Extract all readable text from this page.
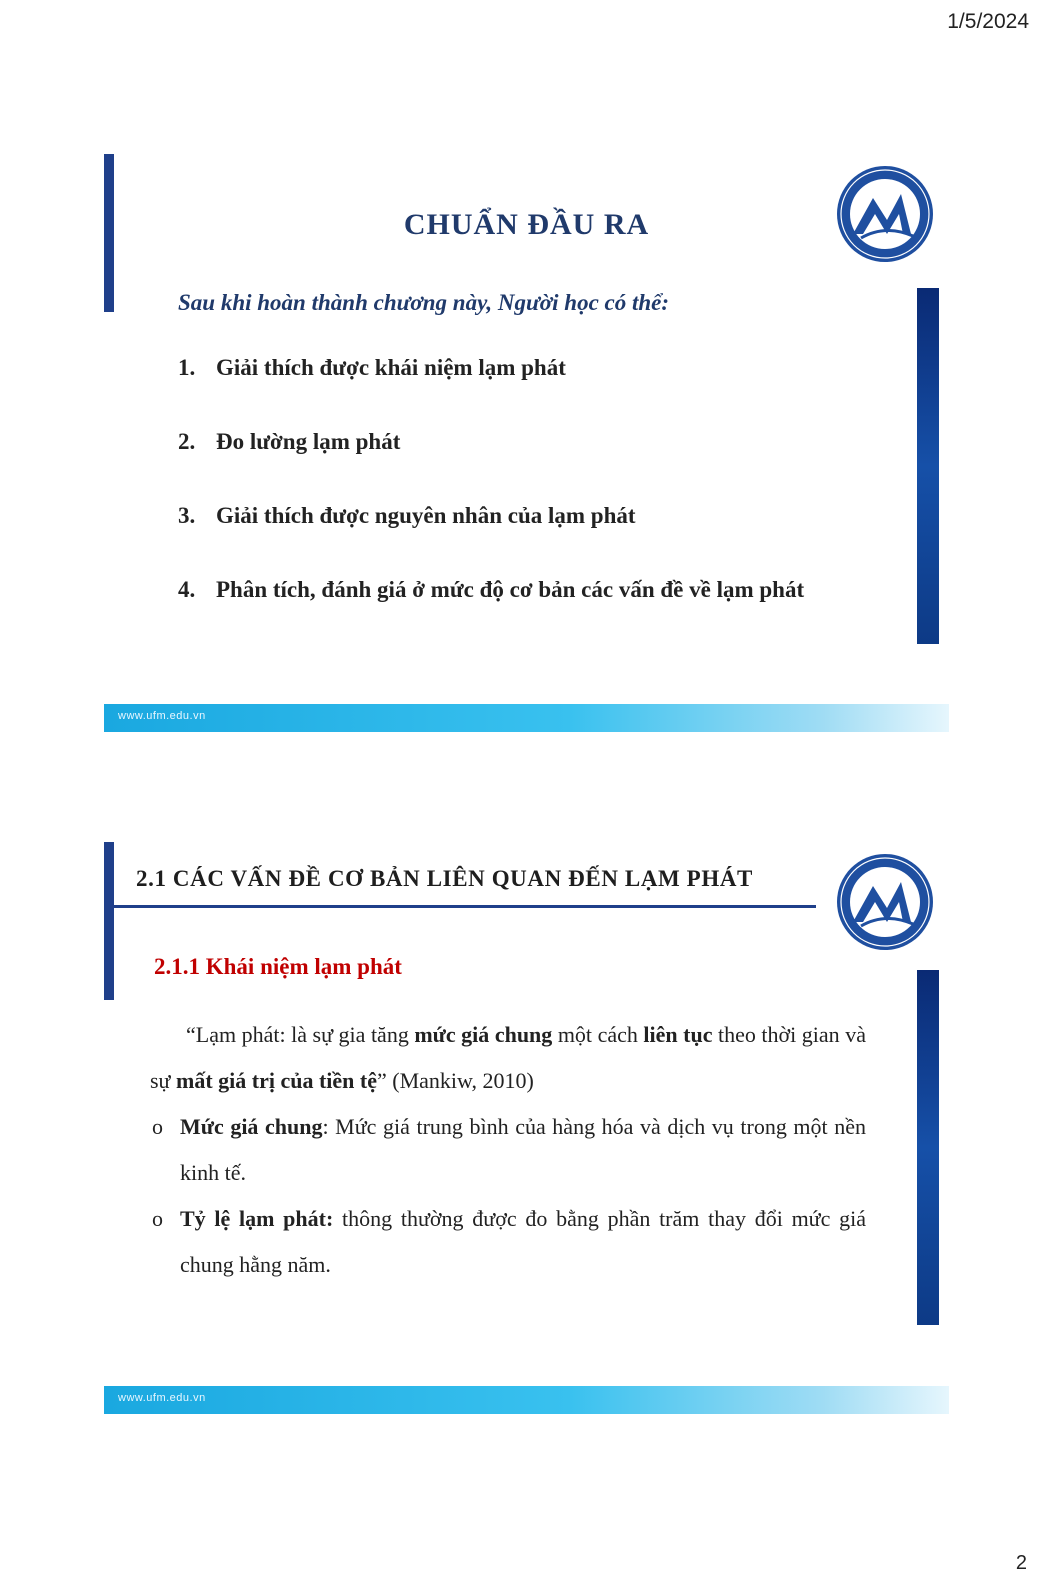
1/5/2024
CHUẨN ĐẦU RA
Sau khi hoàn thành chương này, Người học có thể:
1. Giải thích được khái niệm lạm phát
2. Đo lường lạm phát
3. Giải thích được nguyên nhân của lạm phát
4. Phân tích, đánh giá ở mức độ cơ bản các vấn đề về lạm phát
www.ufm.edu.vn
2.1 CÁC VẤN ĐỀ CƠ BẢN LIÊN QUAN ĐẾN LẠM PHÁT
2.1.1 Khái niệm lạm phát

“Lạm phát: là sự gia tăng mức giá chung một cách liên tục theo thời gian và sự mất giá trị của tiền tệ” (Mankiw, 2010)

o Mức giá chung: Mức giá trung bình của hàng hóa và dịch vụ trong một nền kinh tế.
o Tỷ lệ lạm phát: thông thường được đo bằng phần trăm thay đổi mức giá chung hằng năm.
www.ufm.edu.vn
2
